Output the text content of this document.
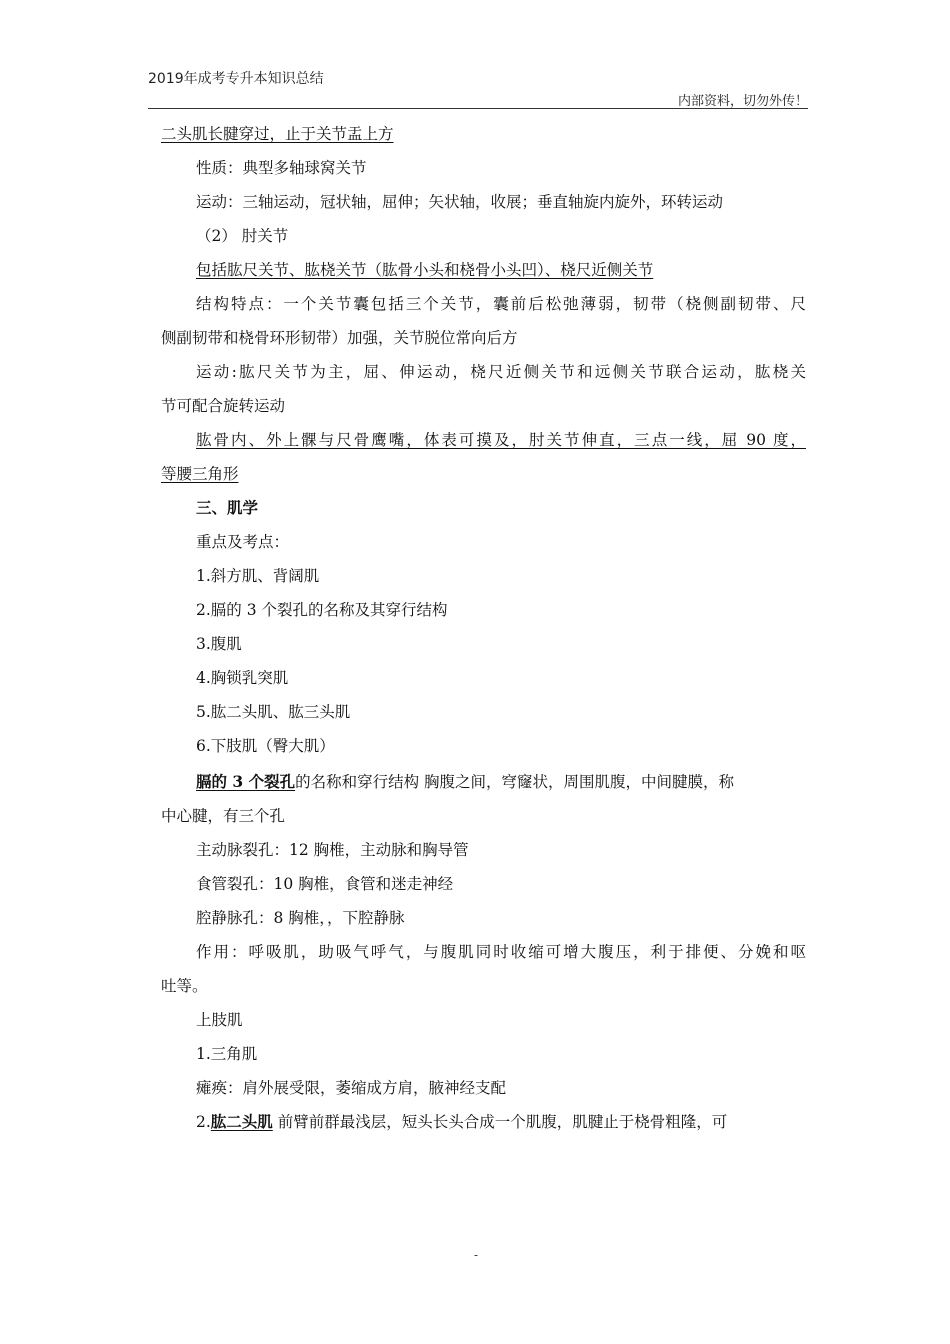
2019年成考专升本知识总结
内部资料，切勿外传！
二头肌长腱穿过，止于关节盂上方
性质：典型多轴球窝关节
运动：三轴运动，冠状轴，屈伸；矢状轴，收展；垂直轴旋内旋外，环转运动
（2） 肘关节
包括肱尺关节、肱桡关节（肱骨小头和桡骨小头凹）、桡尺近侧关节
结构特点：一个关节囊包括三个关节，囊前后松弛薄弱，韧带（桡侧副韧带、尺
侧副韧带和桡骨环形韧带）加强，关节脱位常向后方
运动:肱尺关节为主，屈、伸运动，桡尺近侧关节和远侧关节联合运动，肱桡关
节可配合旋转运动
肱骨内、外上髁与尺骨鹰嘴，体表可摸及，肘关节伸直，三点一线，屈 90 度，
等腰三角形
三、肌学
重点及考点：
1.斜方肌、背阔肌
2.膈的 3 个裂孔的名称及其穿行结构
3.腹肌
4.胸锁乳突肌
5.肱二头肌、肱三头肌
6.下肢肌（臀大肌）
膈的 3 个裂孔的名称和穿行结构 胸腹之间，穹窿状，周围肌腹，中间腱膜，称
中心腱，有三个孔
主动脉裂孔：12 胸椎，主动脉和胸导管
食管裂孔：10 胸椎，食管和迷走神经
腔静脉孔：8 胸椎，，下腔静脉
作用：呼吸肌，助吸气呼气，与腹肌同时收缩可增大腹压，利于排便、分娩和呕
吐等。
上肢肌
1.三角肌
瘫痪：肩外展受限，萎缩成方肩，腋神经支配
2.肱二头肌 前臂前群最浅层，短头长头合成一个肌腹，肌腱止于桡骨粗隆，可
-
